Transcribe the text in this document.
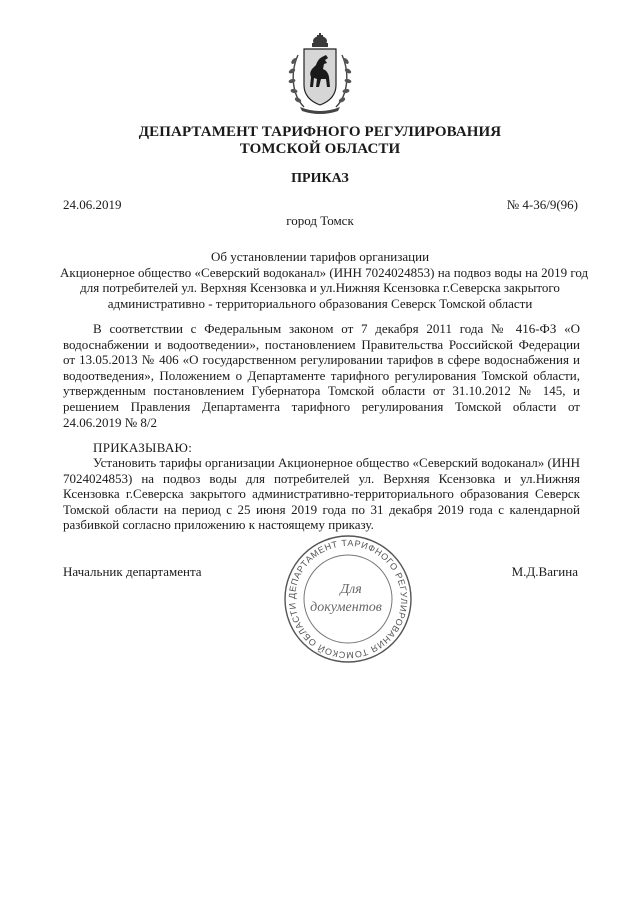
ДЕПАРТАМЕНТ ТАРИФНОГО РЕГУЛИРОВАНИЯ
ТОМСКОЙ ОБЛАСТИ
ПРИКАЗ
24.06.2019	№ 4-36/9(96)
город Томск
Об установлении тарифов организации
Акционерное общество «Северский водоканал» (ИНН 7024024853) на подвоз воды на 2019 год
для потребителей ул. Верхняя Ксензовка и ул.Нижняя Ксензовка г.Северска закрытого
административно - территориального образования Северск Томской области

В соответствии с Федеральным законом от 7 декабря 2011 года № 416-ФЗ «О водоснабжении и водоотведении», постановлением Правительства Российской Федерации от 13.05.2013 № 406 «О государственном регулировании тарифов в сфере водоснабжения и водоотведения», Положением о Департаменте тарифного регулирования Томской области, утвержденным постановлением Губернатора Томской области от 31.10.2012 № 145, и решением Правления Департамента тарифного регулирования Томской области от 24.06.2019 № 8/2

ПРИКАЗЫВАЮ:

Установить тарифы организации Акционерное общество «Северский водоканал» (ИНН 7024024853) на подвоз воды для потребителей ул. Верхняя Ксензовка и ул.Нижняя Ксензовка г.Северска закрытого административно-территориального образования Северск Томской области на период с 25 июня 2019 года по 31 декабря 2019 года с календарной разбивкой согласно приложению к настоящему приказу.

Начальник департамента	М.Д.Вагина
ДЕПАРТАМЕНТ ТАРИФНОГО РЕГУЛИРОВАНИЯ ТОМСКОЙ ОБЛАСТИ
Для
документов
